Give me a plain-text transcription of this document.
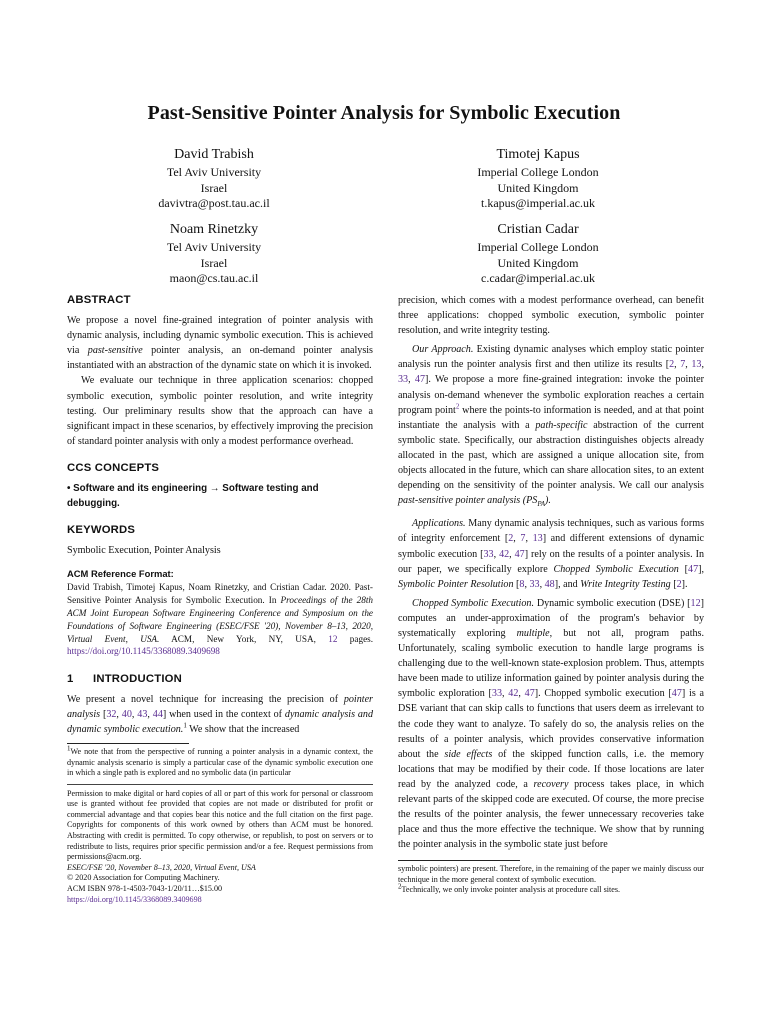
Past-Sensitive Pointer Analysis for Symbolic Execution
David Trabish
Tel Aviv University
Israel
davivtra@post.tau.ac.il
Timotej Kapus
Imperial College London
United Kingdom
t.kapus@imperial.ac.uk
Noam Rinetzky
Tel Aviv University
Israel
maon@cs.tau.ac.il
Cristian Cadar
Imperial College London
United Kingdom
c.cadar@imperial.ac.uk
ABSTRACT

We propose a novel fine-grained integration of pointer analysis with dynamic analysis, including dynamic symbolic execution. This is achieved via past-sensitive pointer analysis, an on-demand pointer analysis instantiated with an abstraction of the dynamic state on which it is invoked.

We evaluate our technique in three application scenarios: chopped symbolic execution, symbolic pointer resolution, and write integrity testing. Our preliminary results show that the approach can have a significant impact in these scenarios, by effectively improving the precision of standard pointer analysis with only a modest performance overhead.

CCS CONCEPTS
• Software and its engineering → Software testing and debugging.
KEYWORDS
Symbolic Execution, Pointer Analysis
ACM Reference Format:

David Trabish, Timotej Kapus, Noam Rinetzky, and Cristian Cadar. 2020. Past-Sensitive Pointer Analysis for Symbolic Execution. In Proceedings of the 28th ACM Joint European Software Engineering Conference and Symposium on the Foundations of Software Engineering (ESEC/FSE '20), November 8–13, 2020, Virtual Event, USA. ACM, New York, NY, USA, 12 pages. https://doi.org/10.1145/3368089.3409698

1 INTRODUCTION

We present a novel technique for increasing the precision of pointer analysis [32, 40, 43, 44] when used in the context of dynamic analysis and dynamic symbolic execution.$^1$ We show that the increased

1We note that from the perspective of running a pointer analysis in a dynamic context, the dynamic analysis scenario is simply a particular case of the dynamic symbolic execution one in which a single path is explored and no symbolic data (in particular
Permission to make digital or hard copies of all or part of this work for personal or classroom use is granted without fee provided that copies are not made or distributed for profit or commercial advantage and that copies bear this notice and the full citation on the first page. Copyrights for components of this work owned by others than ACM must be honored. Abstracting with credit is permitted. To copy otherwise, or republish, to post on servers or to redistribute to lists, requires prior specific permission and/or a fee. Request permissions from permissions@acm.org.
ESEC/FSE '20, November 8–13, 2020, Virtual Event, USA
© 2020 Association for Computing Machinery.
ACM ISBN 978-1-4503-7043-1/20/11…$15.00
https://doi.org/10.1145/3368089.3409698

precision, which comes with a modest performance overhead, can benefit three applications: chopped symbolic execution, symbolic pointer resolution, and write integrity testing.

Our Approach. Existing dynamic analyses which employ static pointer analysis run the pointer analysis first and then utilize its results [2, 7, 13, 33, 47]. We propose a more fine-grained integration: invoke the pointer analysis on-demand whenever the symbolic exploration reaches a certain program point$^2$ where the points-to information is needed, and at that point instantiate the analysis with a path-specific abstraction of the current symbolic state. Specifically, our abstraction distinguishes objects already allocated in the past, which are assigned a unique allocation site, from objects allocated in the future, which can share allocation sites, to an extent depending on the sensitivity of the pointer analysis. We call our analysis past-sensitive pointer analysis $(PS_{PA})$.

Applications. Many dynamic analysis techniques, such as various forms of integrity enforcement [2, 7, 13] and different extensions of dynamic symbolic execution [33, 42, 47] rely on the results of a pointer analysis. In our paper, we specifically explore Chopped Symbolic Execution [47], Symbolic Pointer Resolution [8, 33, 48], and Write Integrity Testing [2].

Chopped Symbolic Execution. Dynamic symbolic execution (DSE) [12] computes an under-approximation of the program's behavior by systematically exploring multiple, but not all, program paths. Unfortunately, scaling symbolic execution to handle large programs is challenging due to the well-known state-explosion problem. Thus, attempts have been made to utilize information gained by pointer analysis during the symbolic exploration [33, 42, 47]. Chopped symbolic execution [47] is a DSE variant that can skip calls to functions that users deem as irrelevant to the code they want to analyze. To safely do so, the analysis relies on the results of a pointer analysis, which provides conservative information about the side effects of the skipped function calls, i.e. the memory locations that may be modified by their code. If those locations are later read by the analyzed code, a recovery process takes place, in which relevant parts of the skipped code are executed. Of course, the more precise the results of the pointer analysis, the fewer unnecessary recoveries take place and thus the more effective the technique. We show that by running the pointer analysis in the symbolic state just before

symbolic pointers) are present. Therefore, in the remaining of the paper we mainly discuss our technique in the more general context of symbolic execution.
2Technically, we only invoke pointer analysis at procedure call sites.
